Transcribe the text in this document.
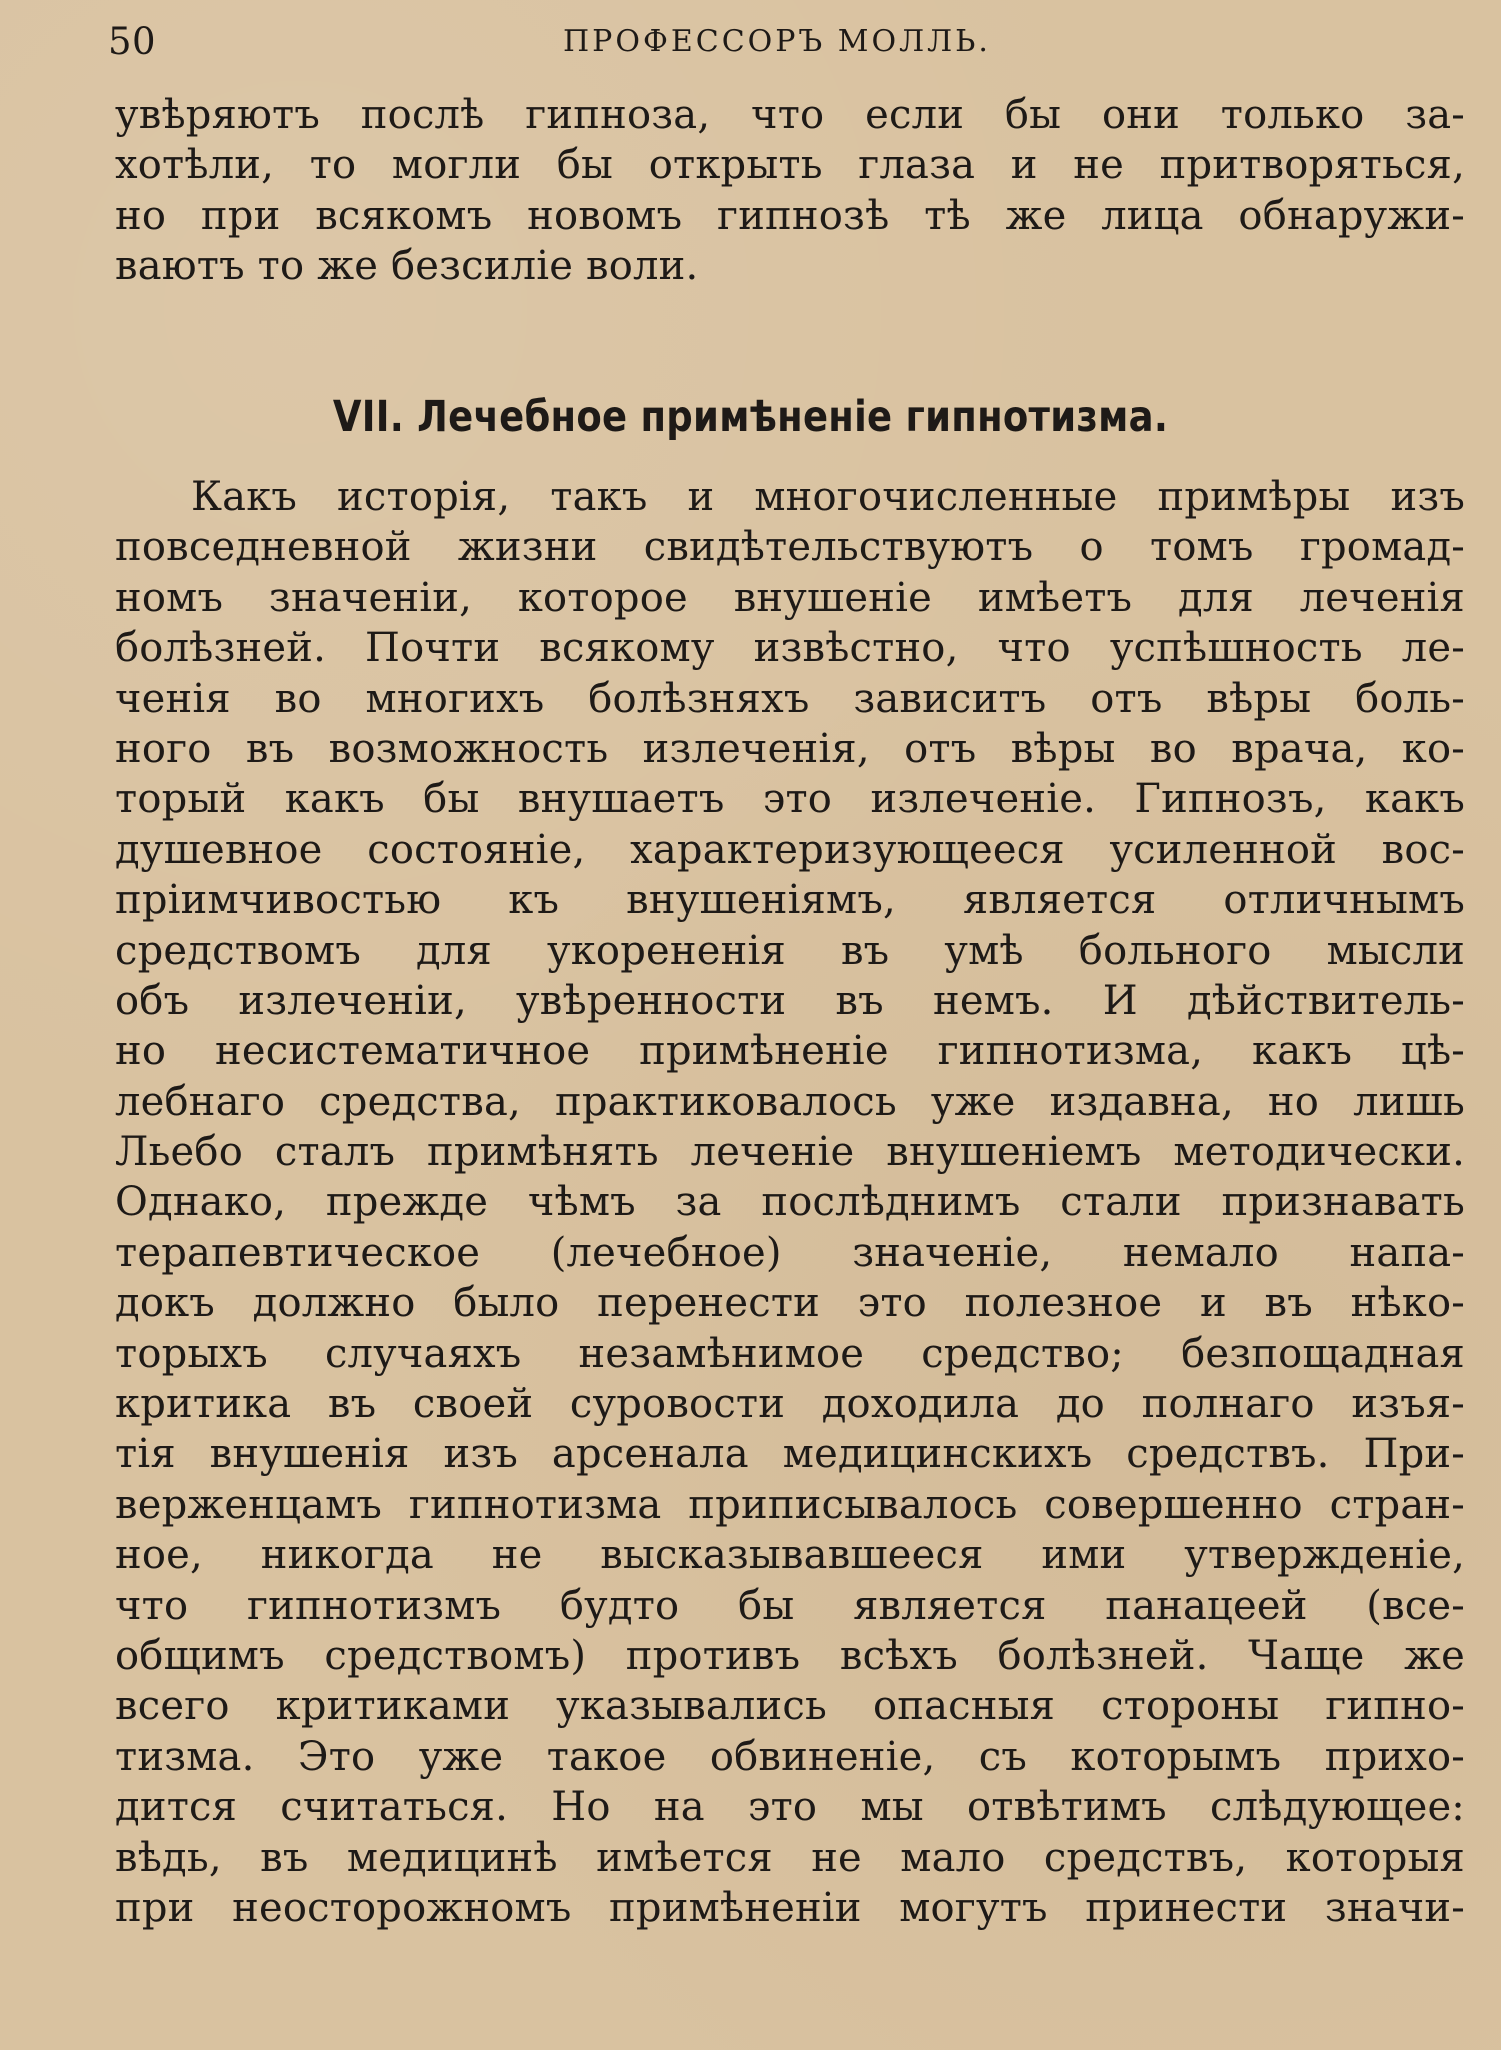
50	ПРОФЕССОРЪ МОЛЛЬ.
увѣряютъ послѣ гипноза, что если бы они только за-
хотѣли, то могли бы открыть глаза и не притворяться,
но при всякомъ новомъ гипнозѣ тѣ же лица обнаружи-
ваютъ то же безсиліе воли.
VII. Лечебное примѣненіе гипнотизма.
Какъ исторія, такъ и многочисленные примѣры изъ
повседневной жизни свидѣтельствуютъ о томъ громад-
номъ значеніи, которое внушеніе имѣетъ для леченія
болѣзней. Почти всякому извѣстно, что успѣшность ле-
ченія во многихъ болѣзняхъ зависитъ отъ вѣры боль-
ного въ возможность излеченія, отъ вѣры во врача, ко-
торый какъ бы внушаетъ это излеченіе. Гипнозъ, какъ
душевное состояніе, характеризующееся усиленной вос-
пріимчивостью къ внушеніямъ, является отличнымъ
средствомъ для укорененія въ умѣ больного мысли
объ излеченіи, увѣренности въ немъ. И дѣйствитель-
но несистематичное примѣненіе гипнотизма, какъ цѣ-
лебнаго средства, практиковалось уже издавна, но лишь
Льебо сталъ примѣнять леченіе внушеніемъ методически.
Однако, прежде чѣмъ за послѣднимъ стали признавать
терапевтическое (лечебное) значеніе, немало напа-
докъ должно было перенести это полезное и въ нѣко-
торыхъ случаяхъ незамѣнимое средство; безпощадная
критика въ своей суровости доходила до полнаго изъя-
тія внушенія изъ арсенала медицинскихъ средствъ. При-
верженцамъ гипнотизма приписывалось совершенно стран-
ное, никогда не высказывавшееся ими утвержденіе,
что гипнотизмъ будто бы является панацеей (все-
общимъ средствомъ) противъ всѣхъ болѣзней. Чаще же
всего критиками указывались опасныя стороны гипно-
тизма. Это уже такое обвиненіе, съ которымъ прихо-
дится считаться. Но на это мы отвѣтимъ слѣдующее:
вѣдь, въ медицинѣ имѣется не мало средствъ, которыя
при неосторожномъ примѣненіи могутъ принести значи-
